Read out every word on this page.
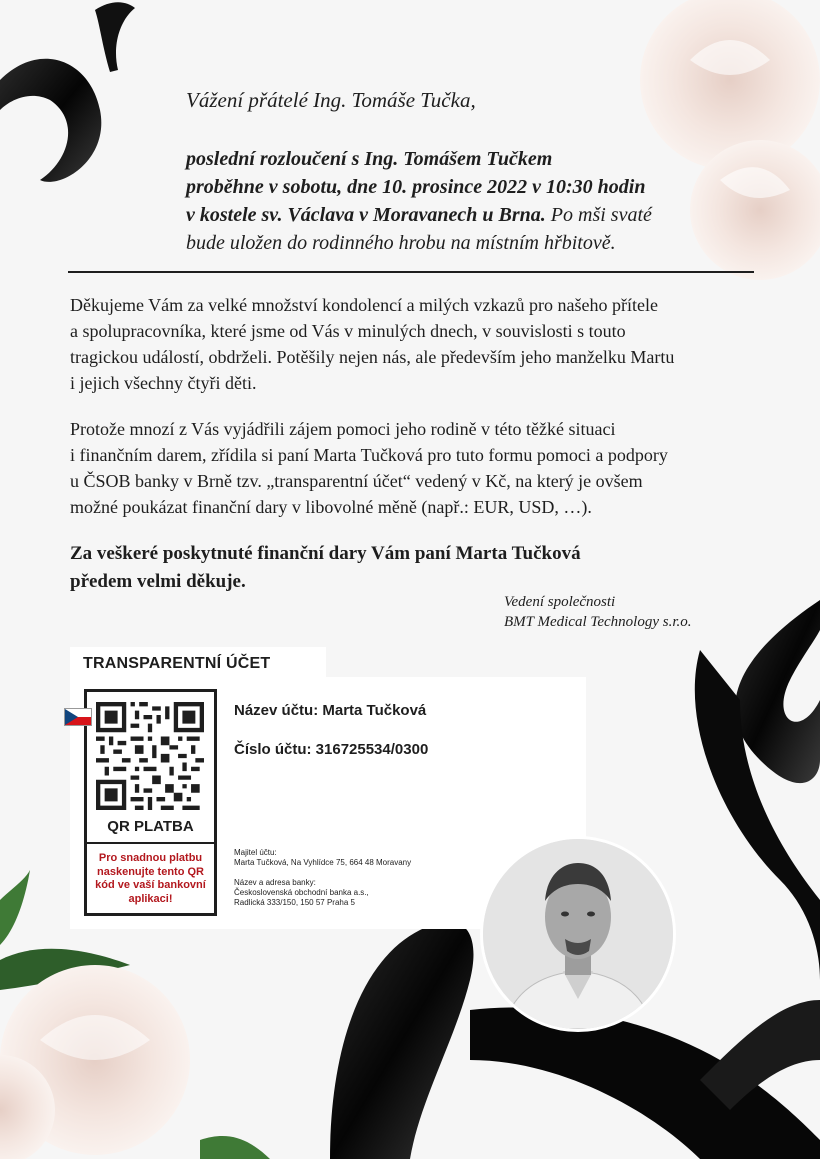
Vážení přátelé Ing. Tomáše Tučka,
poslední rozloučení s Ing. Tomášem Tučkem
proběhne v sobotu, dne 10. prosince 2022 v 10:30 hodin
v kostele sv. Václava v Moravanech u Brna. Po mši svaté
bude uložen do rodinného hrobu na místním hřbitově.
Děkujeme Vám za velké množství kondolencí a milých vzkazů pro našeho přítele
a spolupracovníka, které jsme od Vás v minulých dnech, v souvislosti s touto
tragickou událostí, obdrželi. Potěšily nejen nás, ale především jeho manželku Martu
i jejich všechny čtyři děti.
Protože mnozí z Vás vyjádřili zájem pomoci jeho rodině v této těžké situaci
i finančním darem, zřídila si paní Marta Tučková pro tuto formu pomoci a podpory
u ČSOB banky v Brně tzv. „transparentní účet“ vedený v Kč, na který je ovšem
možné poukázat finanční dary v libovolné měně (např.: EUR, USD, …).
Za veškeré poskytnuté finanční dary Vám paní Marta Tučková
předem velmi děkuje.
Vedení společnosti
BMT Medical Technology s.r.o.
TRANSPARENTNÍ ÚČET
QR PLATBA
Pro snadnou platbu naskenujte tento QR kód ve vaší bankovní aplikaci!
Název účtu: Marta Tučková
Číslo účtu: 316725534/0300
Majitel účtu:
Marta Tučková, Na Vyhlídce 75, 664 48 Moravany
Název a adresa banky:
Československá obchodní banka a.s.,
Radlická 333/150, 150 57 Praha 5
